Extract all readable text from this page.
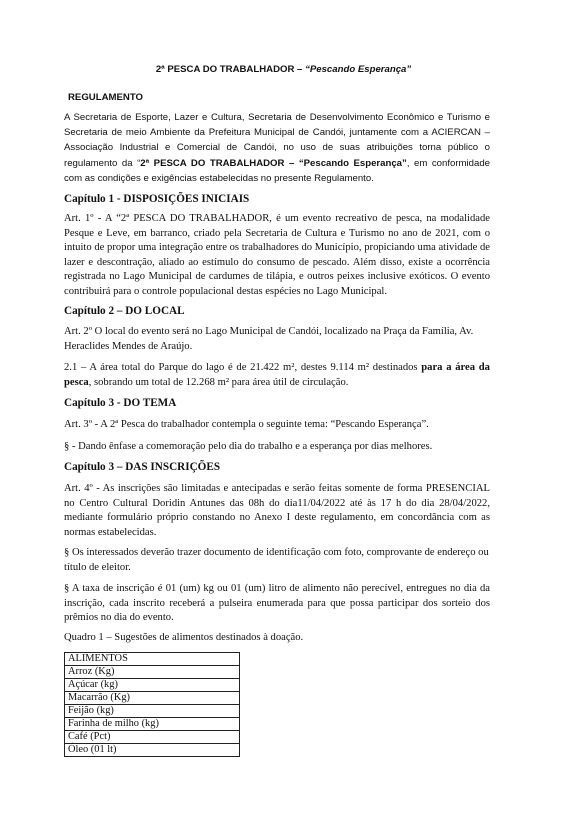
2ª PESCA DO TRABALHADOR – “Pescando Esperança”
REGULAMENTO
A Secretaria de Esporte, Lazer e Cultura, Secretaria de Desenvolvimento Econômico e Turismo e Secretaria de meio Ambiente da Prefeitura Municipal de Candói, juntamente com a ACIERCAN – Associação Industrial e Comercial de Candói, no uso de suas atribuições torna público o regulamento da “2ª PESCA DO TRABALHADOR – “Pescando Esperança”, em conformidade com as condições e exigências estabelecidas no presente Regulamento.
Capítulo 1 - DISPOSIÇÕES INICIAIS
Art. 1º - A “2ª PESCA DO TRABALHADOR, é um evento recreativo de pesca, na modalidade Pesque e Leve, em barranco, criado pela Secretaria de Cultura e Turismo no ano de 2021, com o intuito de propor uma integração entre os trabalhadores do Município, propiciando uma atividade de lazer e descontração, aliado ao estímulo do consumo de pescado. Além disso, existe a ocorrência registrada no Lago Municipal de cardumes de tilápia, e outros peixes inclusive exóticos. O evento contribuirá para o controle populacional destas espécies no Lago Municipal.
Capítulo 2 – DO LOCAL
Art. 2º O local do evento será no Lago Municipal de Candói, localizado na Praça da Família, Av. Heraclides Mendes de Araújo.
2.1 – A área total do Parque do lago é de 21.422 m², destes 9.114 m² destinados para a área da pesca, sobrando um total de 12.268 m² para área útil de circulação.
Capítulo 3 - DO TEMA
Art. 3º - A 2ª Pesca do trabalhador contempla o seguinte tema: “Pescando Esperança”.
§ - Dando ênfase a comemoração pelo dia do trabalho e a esperança por dias melhores.
Capítulo 3 – DAS INSCRIÇÕES
Art. 4º - As inscrições são limitadas e antecipadas e serão feitas somente de forma PRESENCIAL no Centro Cultural Doridin Antunes das 08h do dia11/04/2022 até às 17 h do dia 28/04/2022, mediante formulário próprio constando no Anexo I deste regulamento, em concordância com as normas estabelecidas.
§ Os interessados deverão trazer documento de identificação com foto, comprovante de endereço ou título de eleitor.
§ A taxa de inscrição é 01 (um) kg ou 01 (um) litro de alimento não perecível, entregues no dia da inscrição, cada inscrito receberá a pulseira enumerada para que possa participar dos sorteio dos prêmios no dia do evento.
Quadro 1 – Sugestões de alimentos destinados à doação.
ALIMENTOS
Arroz (Kg)
Açúcar (kg)
Macarrão (Kg)
Feijão (kg)
Farinha de milho (kg)
Café (Pct)
Óleo (01 lt)
